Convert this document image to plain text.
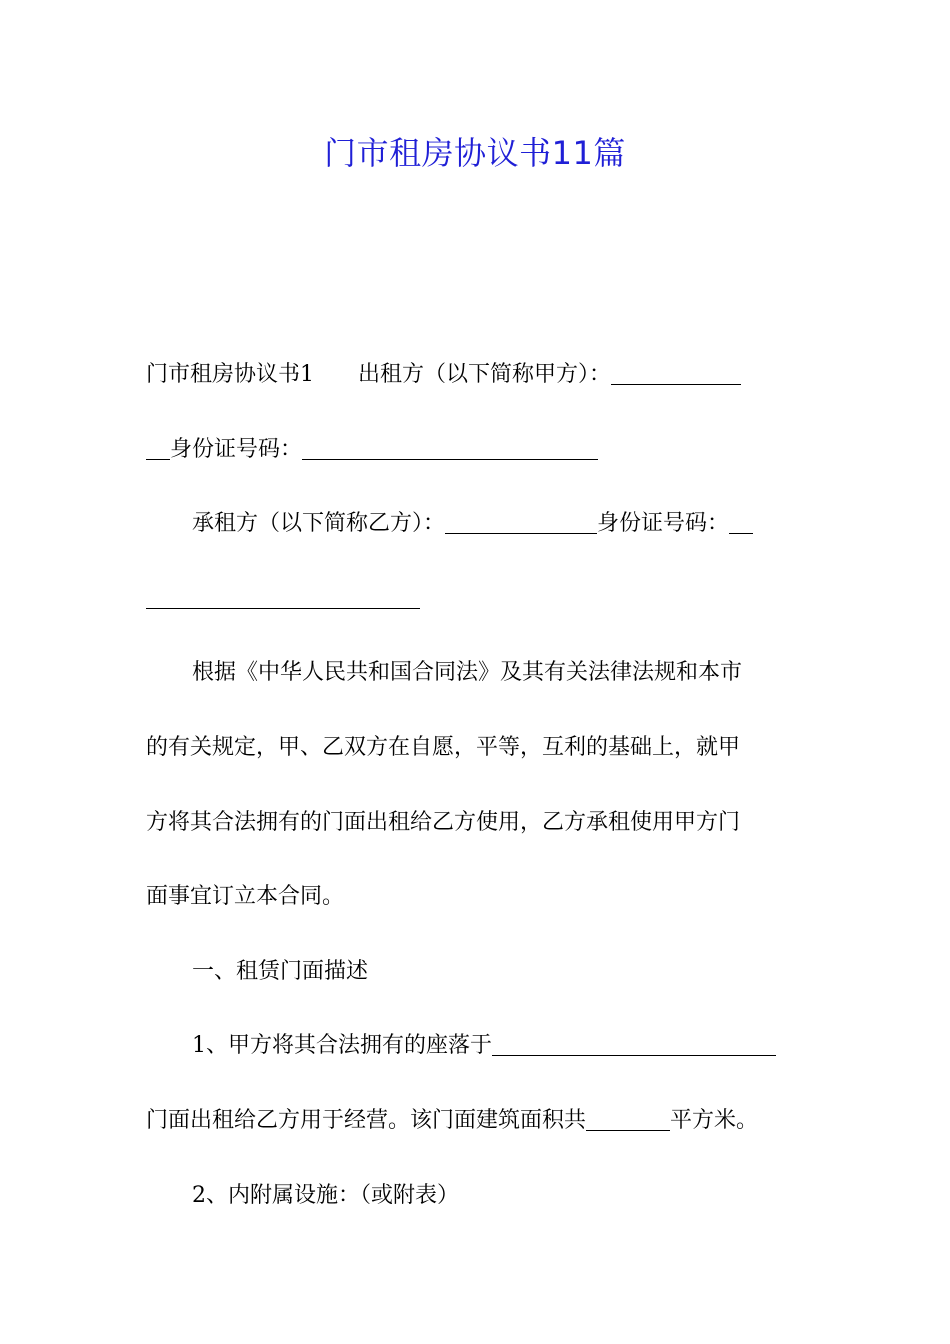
门市租房协议书11篇
门市租房协议书1 出租方（以下简称甲方）：
身份证号码：
承租方（以下简称乙方）：	身份证号码：
根据《中华人民共和国合同法》及其有关法律法规和本市
的有关规定，甲、乙双方在自愿，平等，互利的基础上，就甲
方将其合法拥有的门面出租给乙方使用，乙方承租使用甲方门
面事宜订立本合同。
一、租赁门面描述
1、甲方将其合法拥有的座落于
门面出租给乙方用于经营。该门面建筑面积共	平方米。
2、内附属设施：（或附表）
